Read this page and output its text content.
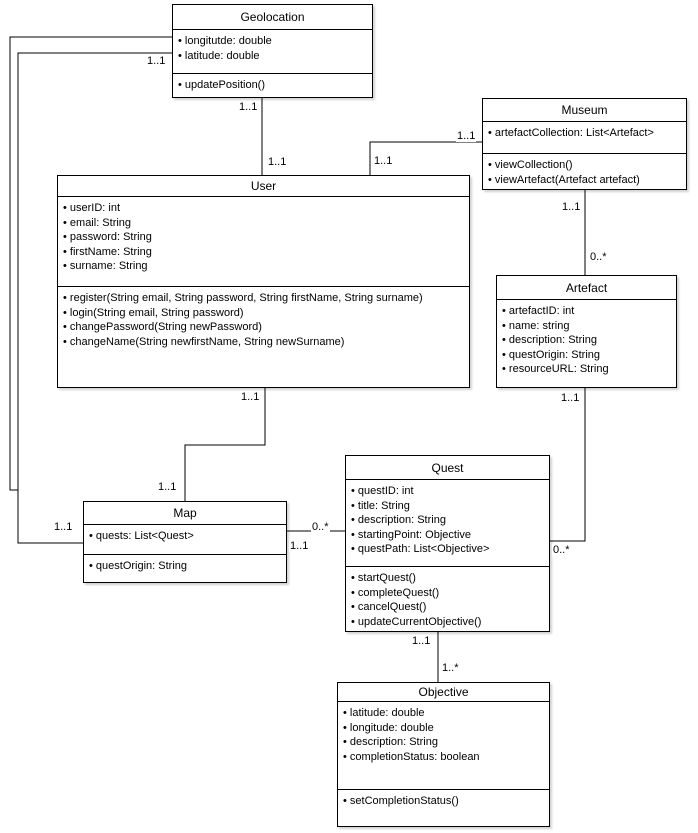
Geolocation
• longitutde: double
• latitude: double
• updatePosition()
Museum
• artefactCollection: List<Artefact>
• viewCollection()
• viewArtefact(Artefact artefact)
User
• userID: int
• email: String
• password: String
• firstName: String
• surname: String
• register(String email, String password, String firstName, String surname)
• login(String email, String password)
• changePassword(String newPassword)
• changeName(String newfirstName, String newSurname)
Artefact
• artefactID: int
• name: string
• description: String
• questOrigin: String
• resourceURL: String
Map
• quests: List<Quest>
• questOrigin: String
Quest
• questID: int
• title: String
• description: String
• startingPoint: Objective
• questPath: List<Objective>
• startQuest()
• completeQuest()
• cancelQuest()
• updateCurrentObjective()
Objective
• latitude: double
• longitude: double
• description: String
• completionStatus: boolean
• setCompletionStatus()
1..1
1..1
1..1
1..1
1..1
1..1
1..1
0..*
1..1
0..*
1..1
1..1
1..1
0..*
1..1
1..*
